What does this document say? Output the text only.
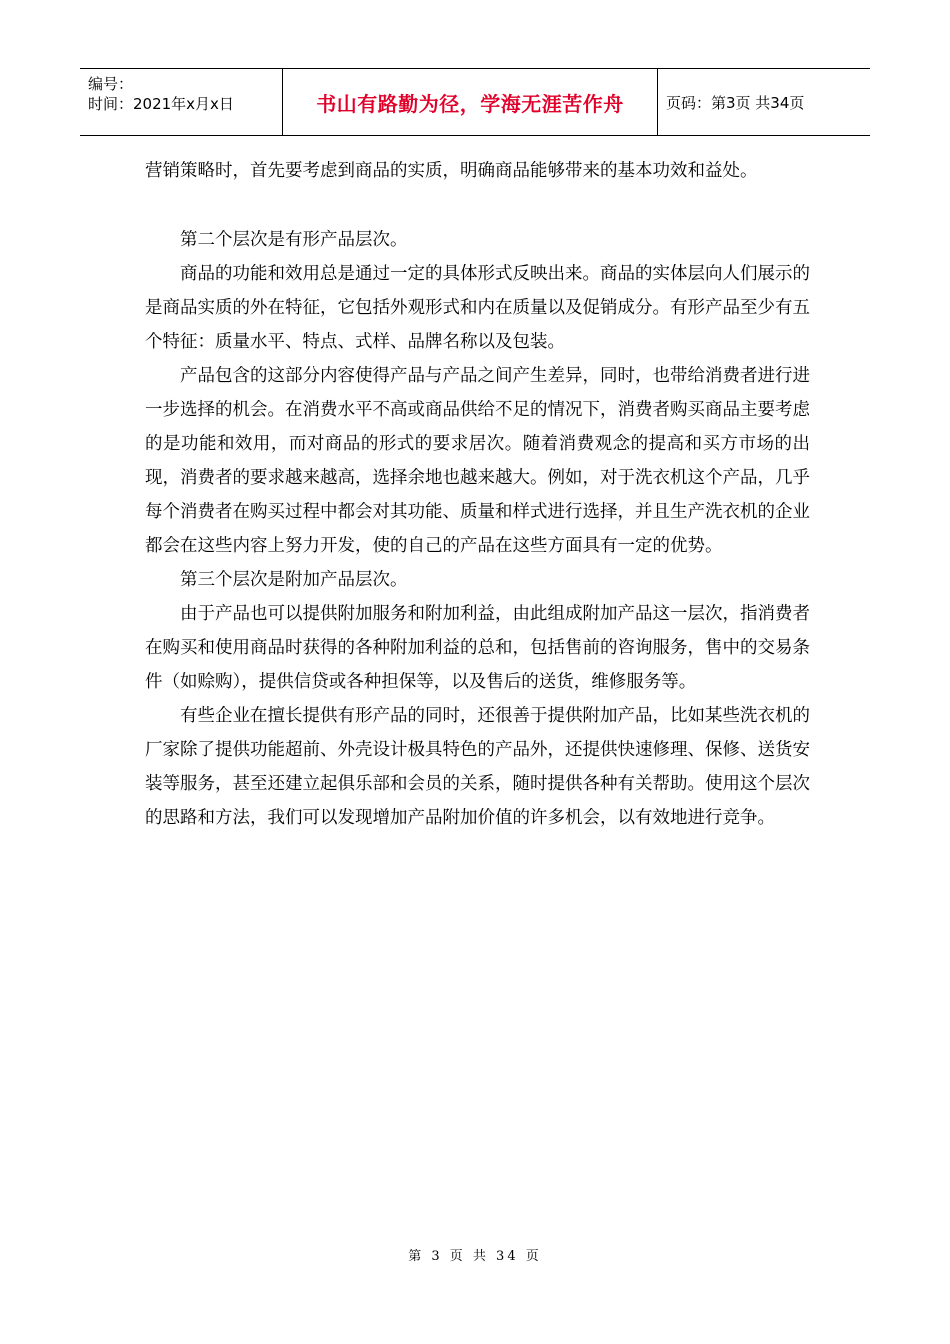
编号：
时间：2021年x月x日	书山有路勤为径，学海无涯苦作舟	页码：第3页 共34页

营销策略时，首先要考虑到商品的实质，明确商品能够带来的基本功效和益处。

第二个层次是有形产品层次。

商品的功能和效用总是通过一定的具体形式反映出来。商品的实体层向人们展示的是商品实质的外在特征，它包括外观形式和内在质量以及促销成分。有形产品至少有五个特征：质量水平、特点、式样、品牌名称以及包装。

产品包含的这部分内容使得产品与产品之间产生差异，同时，也带给消费者进行进一步选择的机会。在消费水平不高或商品供给不足的情况下，消费者购买商品主要考虑的是功能和效用，而对商品的形式的要求居次。随着消费观念的提高和买方市场的出现，消费者的要求越来越高，选择余地也越来越大。例如，对于洗衣机这个产品，几乎每个消费者在购买过程中都会对其功能、质量和样式进行选择，并且生产洗衣机的企业都会在这些内容上努力开发，使的自己的产品在这些方面具有一定的优势。

第三个层次是附加产品层次。

由于产品也可以提供附加服务和附加利益，由此组成附加产品这一层次，指消费者在购买和使用商品时获得的各种附加利益的总和，包括售前的咨询服务，售中的交易条件（如赊购），提供信贷或各种担保等，以及售后的送货，维修服务等。

有些企业在擅长提供有形产品的同时，还很善于提供附加产品，比如某些洗衣机的厂家除了提供功能超前、外壳设计极具特色的产品外，还提供快速修理、保修、送货安装等服务，甚至还建立起俱乐部和会员的关系，随时提供各种有关帮助。使用这个层次的思路和方法，我们可以发现增加产品附加价值的许多机会，以有效地进行竞争。

第 3 页 共 34 页
